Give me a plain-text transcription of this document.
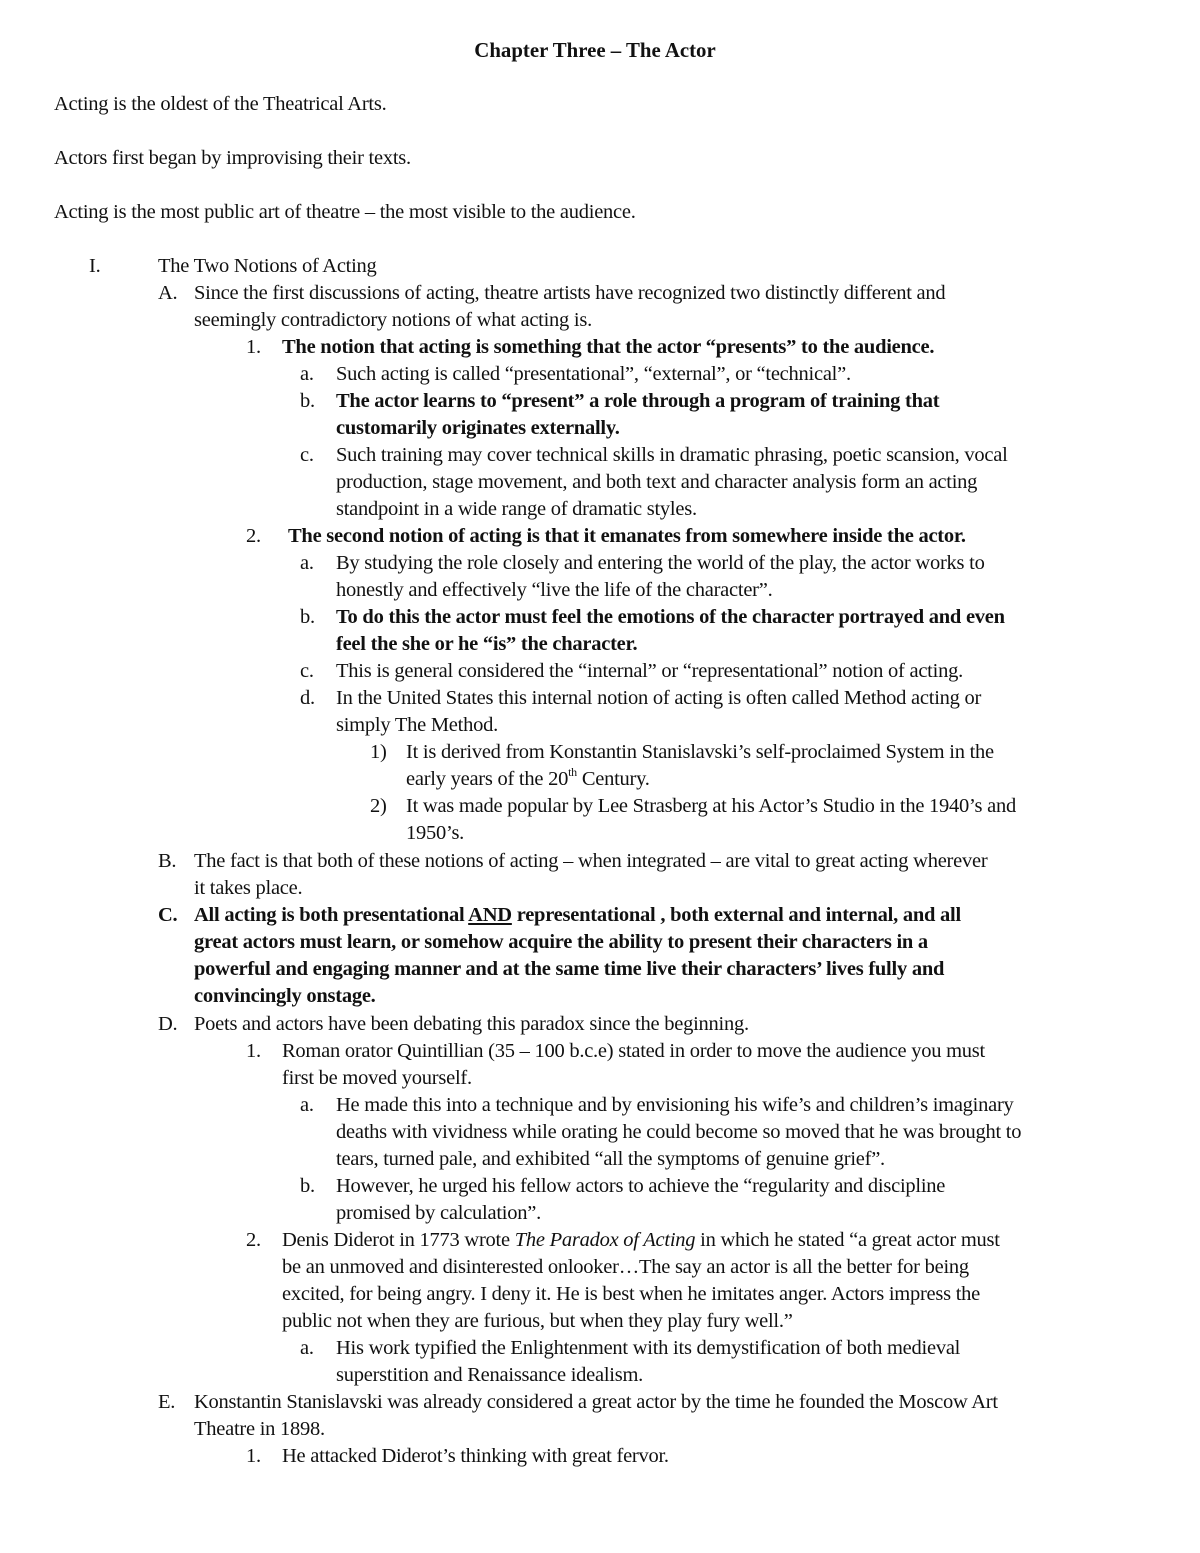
Chapter Three – The Actor
Acting is the oldest of the Theatrical Arts.
Actors first began by improvising their texts.
Acting is the most public art of theatre – the most visible to the audience.
I.	The Two Notions of Acting
A. Since the first discussions of acting, theatre artists have recognized two distinctly different and
seemingly contradictory notions of what acting is.
1. The notion that acting is something that the actor “presents” to the audience.
a. Such acting is called “presentational”, “external”, or “technical”.
b. The actor learns to “present” a role through a program of training that
customarily originates externally.
c. Such training may cover technical skills in dramatic phrasing, poetic scansion, vocal
production, stage movement, and both text and character analysis form an acting
standpoint in a wide range of dramatic styles.
2. The second notion of acting is that it emanates from somewhere inside the actor.
a. By studying the role closely and entering the world of the play, the actor works to
honestly and effectively “live the life of the character”.
b. To do this the actor must feel the emotions of the character portrayed and even
feel the she or he “is” the character.
c. This is general considered the “internal” or “representational” notion of acting.
d. In the United States this internal notion of acting is often called Method acting or
simply The Method.
1) It is derived from Konstantin Stanislavski’s self-proclaimed System in the
early years of the 20th Century.
2) It was made popular by Lee Strasberg at his Actor’s Studio in the 1940’s and
1950’s.
B. The fact is that both of these notions of acting – when integrated – are vital to great acting wherever
it takes place.
C. All acting is both presentational AND representational , both external and internal, and all
great actors must learn, or somehow acquire the ability to present their characters in a
powerful and engaging manner and at the same time live their characters’ lives fully and
convincingly onstage.
D. Poets and actors have been debating this paradox since the beginning.
1. Roman orator Quintillian (35 – 100 b.c.e) stated in order to move the audience you must
first be moved yourself.
a. He made this into a technique and by envisioning his wife’s and children’s imaginary
deaths with vividness while orating he could become so moved that he was brought to
tears, turned pale, and exhibited “all the symptoms of genuine grief”.
b. However, he urged his fellow actors to achieve the “regularity and discipline
promised by calculation”.
2. Denis Diderot in 1773 wrote The Paradox of Acting in which he stated “a great actor must
be an unmoved and disinterested onlooker…The say an actor is all the better for being
excited, for being angry. I deny it. He is best when he imitates anger. Actors impress the
public not when they are furious, but when they play fury well.”
a. His work typified the Enlightenment with its demystification of both medieval
superstition and Renaissance idealism.
E. Konstantin Stanislavski was already considered a great actor by the time he founded the Moscow Art
Theatre in 1898.
1. He attacked Diderot’s thinking with great fervor.
